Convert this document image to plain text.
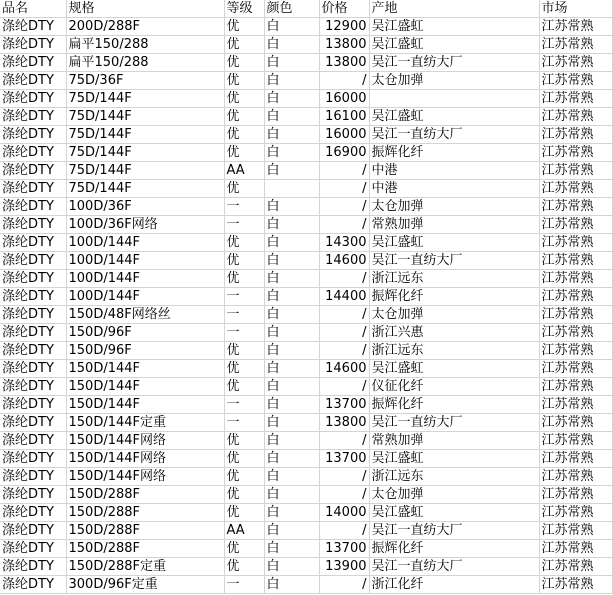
品名	规格	等级	颜色	价格	产地	市场
涤纶DTY	200D/288F	优	白	12900	吴江盛虹	江苏常熟
涤纶DTY	扁平150/288	优	白	13800	吴江盛虹	江苏常熟
涤纶DTY	扁平150/288	优	白	13800	吴江一直纺大厂	江苏常熟
涤纶DTY	75D/36F	优	白	/	太仓加弹	江苏常熟
涤纶DTY	75D/144F	优	白	16000		江苏常熟
涤纶DTY	75D/144F	优	白	16100	吴江盛虹	江苏常熟
涤纶DTY	75D/144F	优	白	16000	吴江一直纺大厂	江苏常熟
涤纶DTY	75D/144F	优	白	16900	振辉化纤	江苏常熟
涤纶DTY	75D/144F	AA	白	/	中港	江苏常熟
涤纶DTY	75D/144F	优		/	中港	江苏常熟
涤纶DTY	100D/36F	一	白	/	太仓加弹	江苏常熟
涤纶DTY	100D/36F网络	一	白	/	常熟加弹	江苏常熟
涤纶DTY	100D/144F	优	白	14300	吴江盛虹	江苏常熟
涤纶DTY	100D/144F	优	白	14600	吴江一直纺大厂	江苏常熟
涤纶DTY	100D/144F	优	白	/	浙江远东	江苏常熟
涤纶DTY	100D/144F	一	白	14400	振辉化纤	江苏常熟
涤纶DTY	150D/48F网络丝	一	白	/	太仓加弹	江苏常熟
涤纶DTY	150D/96F	一	白	/	浙江兴惠	江苏常熟
涤纶DTY	150D/96F	优	白	/	浙江远东	江苏常熟
涤纶DTY	150D/144F	优	白	14600	吴江盛虹	江苏常熟
涤纶DTY	150D/144F	优	白	/	仪征化纤	江苏常熟
涤纶DTY	150D/144F	一	白	13700	振辉化纤	江苏常熟
涤纶DTY	150D/144F定重	一	白	13800	吴江一直纺大厂	江苏常熟
涤纶DTY	150D/144F网络	优	白	/	常熟加弹	江苏常熟
涤纶DTY	150D/144F网络	优	白	13700	吴江盛虹	江苏常熟
涤纶DTY	150D/144F网络	优	白	/	浙江远东	江苏常熟
涤纶DTY	150D/288F	优	白	/	太仓加弹	江苏常熟
涤纶DTY	150D/288F	优	白	14000	吴江盛虹	江苏常熟
涤纶DTY	150D/288F	AA	白	/	吴江一直纺大厂	江苏常熟
涤纶DTY	150D/288F	优	白	13700	振辉化纤	江苏常熟
涤纶DTY	150D/288F定重	优	白	13900	吴江一直纺大厂	江苏常熟
涤纶DTY	300D/96F定重	一	白	/	浙江化纤	江苏常熟
